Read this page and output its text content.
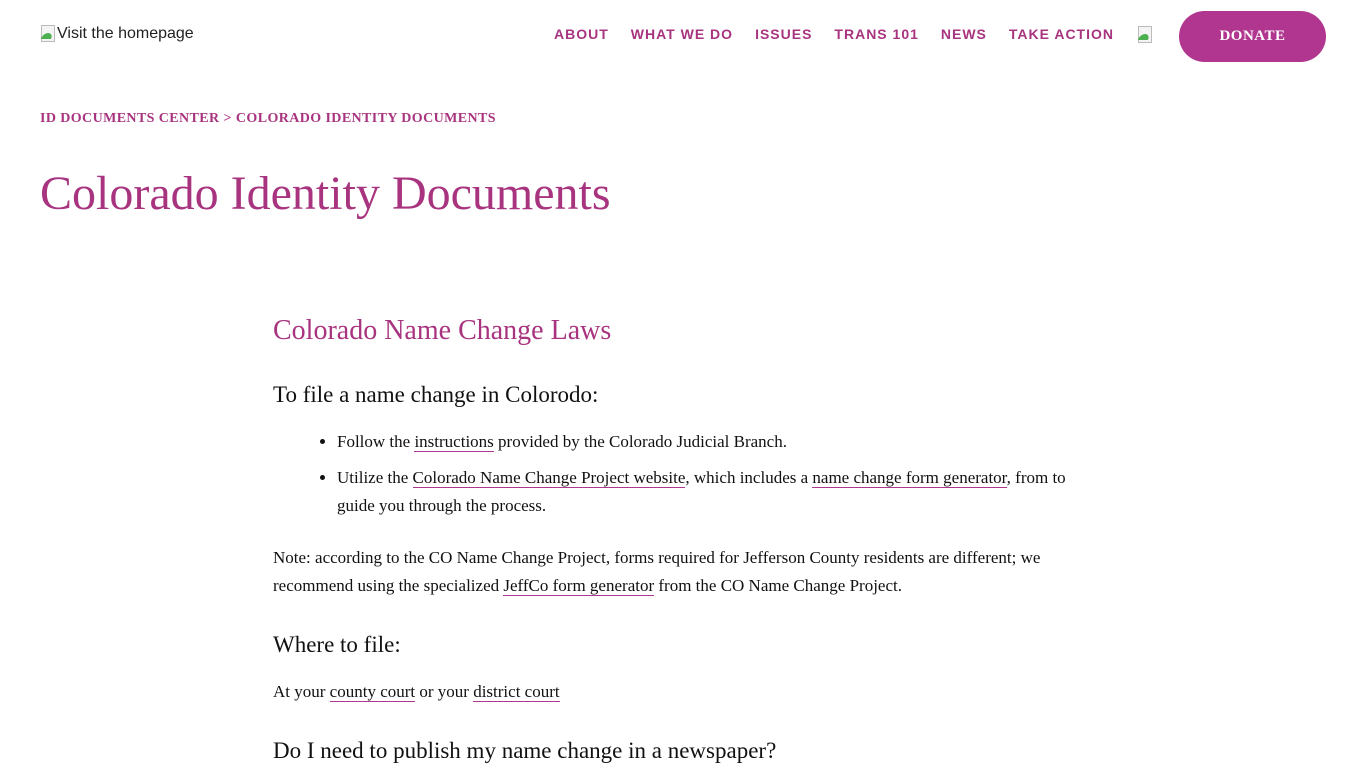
Visit the homepage	ABOUT WHAT WE DO ISSUES TRANS 101 NEWS TAKE ACTION	DONATE
ID DOCUMENTS CENTER > COLORADO IDENTITY DOCUMENTS
Colorado Identity Documents
Colorado Name Change Laws
To file a name change in Colorodo:
• Follow the instructions provided by the Colorado Judicial Branch.
• Utilize the Colorado Name Change Project website, which includes a name change form generator, from to guide you through the process.

Note: according to the CO Name Change Project, forms required for Jefferson County residents are different; we recommend using the specialized JeffCo form generator from the CO Name Change Project.

Where to file:

At your county court or your district court

Do I need to publish my name change in a newspaper?
